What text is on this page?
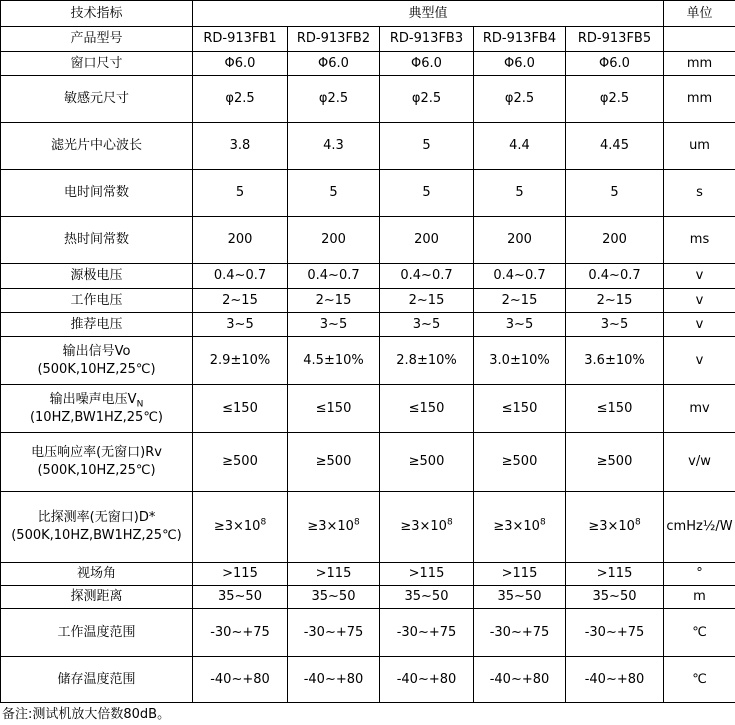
技术指标	典型值					单位
产品型号	RD-913FB1	RD-913FB2	RD-913FB3	RD-913FB4	RD-913FB5	

窗口尺寸	Φ6.0	Φ6.0	Φ6.0	Φ6.0	Φ6.0	mm

敏感元尺寸	φ2.5	φ2.5	φ2.5	φ2.5	φ2.5	mm

滤光片中心波长	3.8	4.3	5	4.4	4.45	um

电时间常数	5	5	5	5	5	s

热时间常数	200	200	200	200	200	ms

源极电压	0.4~0.7	0.4~0.7	0.4~0.7	0.4~0.7	0.4~0.7	v

工作电压	2~15	2~15	2~15	2~15	2~15	v

推荐电压	3~5	3~5	3~5	3~5	3~5	v

输出信号Vo
(500K,10HZ,25℃)	2.9±10%	4.5±10%	2.8±10%	3.0±10%	3.6±10%	v

输出噪声电压$V_N$
(10HZ,BW1HZ,25℃)	≤150	≤150	≤150	≤150	≤150	mv

电压响应率(无窗口)Rv
(500K,10HZ,25℃)	≥500	≥500	≥500	≥500	≥500	v/w

比探测率(无窗口)D*
(500K,10HZ,BW1HZ,25℃)	$\ge 3\times 10^8$	$\ge 3\times 10^8$	$\ge 3\times 10^8$	$\ge 3\times 10^8$	$\ge 3\times 10^8$	cmHz½/W

视场角	>115	>115	>115	>115	>115	°

探测距离	35~50	35~50	35~50	35~50	35~50	m

工作温度范围	-30~+75	-30~+75	-30~+75	-30~+75	-30~+75	℃

储存温度范围	-40~+80	-40~+80	-40~+80	-40~+80	-40~+80	℃
备注:测试机放大倍数80dB。
